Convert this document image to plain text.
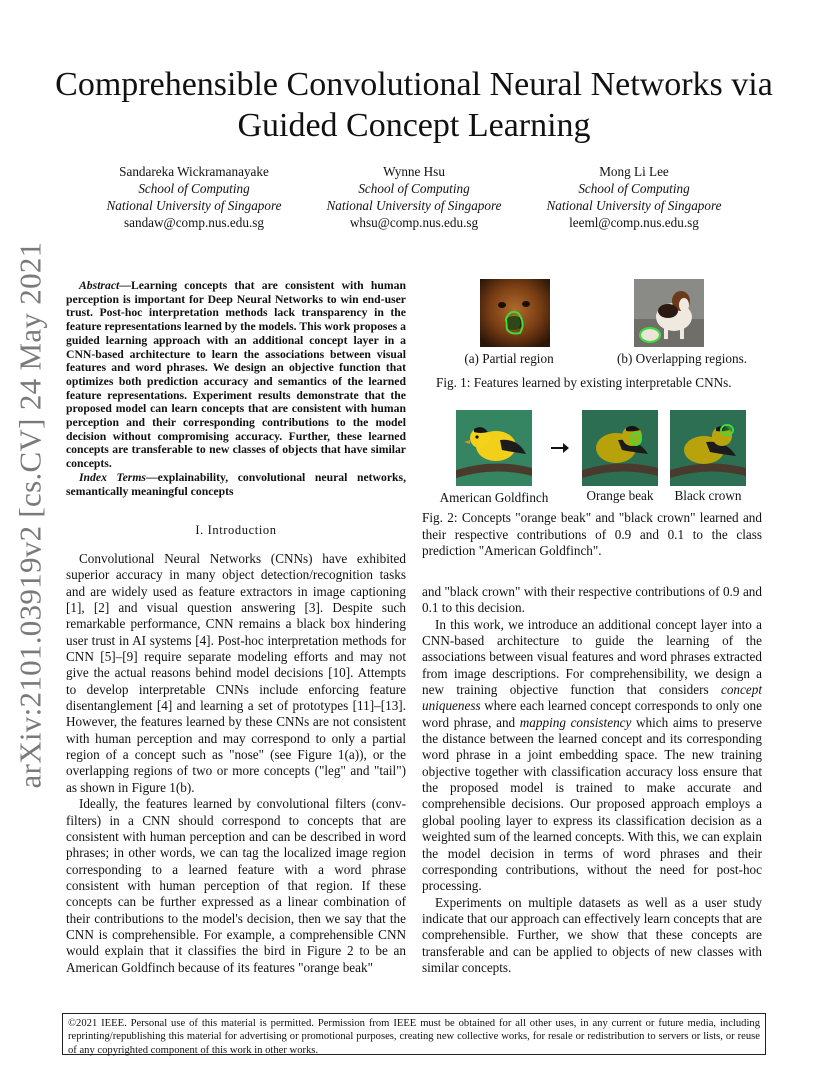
arXiv:2101.03919v2 [cs.CV] 24 May 2021
Comprehensible Convolutional Neural Networks via Guided Concept Learning
Sandareka Wickramanayake
School of Computing
National University of Singapore
sandaw@comp.nus.edu.sg
Wynne Hsu
School of Computing
National University of Singapore
whsu@comp.nus.edu.sg
Mong Li Lee
School of Computing
National University of Singapore
leeml@comp.nus.edu.sg

Abstract—Learning concepts that are consistent with human perception is important for Deep Neural Networks to win end-user trust. Post-hoc interpretation methods lack transparency in the feature representations learned by the models. This work proposes a guided learning approach with an additional concept layer in a CNN-based architecture to learn the associations between visual features and word phrases. We design an objective function that optimizes both prediction accuracy and semantics of the learned feature representations. Experiment results demonstrate that the proposed model can learn concepts that are consistent with human perception and their corresponding contributions to the model decision without compromising accuracy. Further, these learned concepts are transferable to new classes of objects that have similar concepts.

Index Terms—explainability, convolutional neural networks, semantically meaningful concepts

I. Introduction

Convolutional Neural Networks (CNNs) have exhibited superior accuracy in many object detection/recognition tasks and are widely used as feature extractors in image captioning [1], [2] and visual question answering [3]. Despite such remarkable performance, CNN remains a black box hindering user trust in AI systems [4]. Post-hoc interpretation methods for CNN [5]–[9] require separate modeling efforts and may not give the actual reasons behind model decisions [10]. Attempts to develop interpretable CNNs include enforcing feature disentanglement [4] and learning a set of prototypes [11]–[13]. However, the features learned by these CNNs are not consistent with human perception and may correspond to only a partial region of a concept such as "nose" (see Figure 1(a)), or the overlapping regions of two or more concepts ("leg" and "tail") as shown in Figure 1(b).

Ideally, the features learned by convolutional filters (conv-filters) in a CNN should correspond to concepts that are consistent with human perception and can be described in word phrases; in other words, we can tag the localized image region corresponding to a learned feature with a word phrase consistent with human perception of that region. If these concepts can be further expressed as a linear combination of their contributions to the model's decision, then we say that the CNN is comprehensible. For example, a comprehensible CNN would explain that it classifies the bird in Figure 2 to be an American Goldfinch because of its features "orange beak"

(a) Partial region	(b) Overlapping regions.
Fig. 1: Features learned by existing interpretable CNNs.
American Goldfinch	Orange beak	Black crown
Fig. 2: Concepts "orange beak" and "black crown" learned and their respective contributions of 0.9 and 0.1 to the class prediction "American Goldfinch".

and "black crown" with their respective contributions of 0.9 and 0.1 to this decision.

In this work, we introduce an additional concept layer into a CNN-based architecture to guide the learning of the associations between visual features and word phrases extracted from image descriptions. For comprehensibility, we design a new training objective function that considers concept uniqueness where each learned concept corresponds to only one word phrase, and mapping consistency which aims to preserve the distance between the learned concept and its corresponding word phrase in a joint embedding space. The new training objective together with classification accuracy loss ensure that the proposed model is trained to make accurate and comprehensible decisions. Our proposed approach employs a global pooling layer to express its classification decision as a weighted sum of the learned concepts. With this, we can explain the model decision in terms of word phrases and their corresponding contributions, without the need for post-hoc processing.

Experiments on multiple datasets as well as a user study indicate that our approach can effectively learn concepts that are comprehensible. Further, we show that these concepts are transferable and can be applied to objects of new classes with similar concepts.

©2021 IEEE. Personal use of this material is permitted. Permission from IEEE must be obtained for all other uses, in any current or future media, including reprinting/republishing this material for advertising or promotional purposes, creating new collective works, for resale or redistribution to servers or lists, or reuse of any copyrighted component of this work in other works.
